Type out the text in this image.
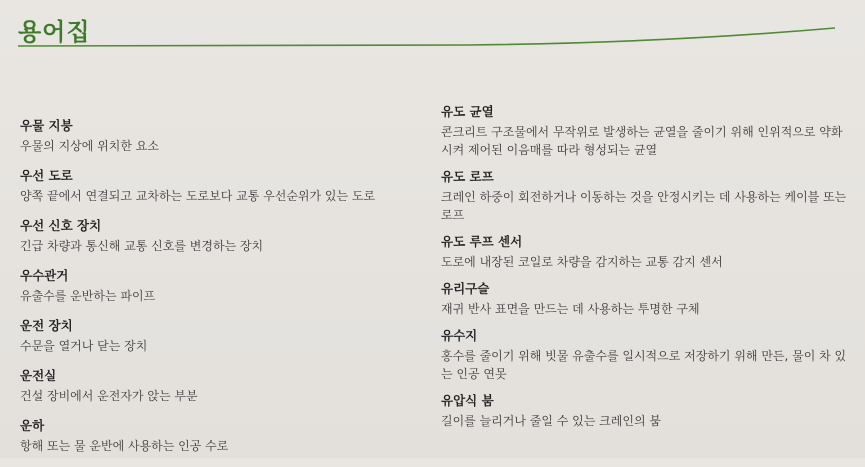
용어집
우물 지붕
우물의 지상에 위치한 요소
우선 도로
양쪽 끝에서 연결되고 교차하는 도로보다 교통 우선순위가 있는 도로
우선 신호 장치
긴급 차량과 통신해 교통 신호를 변경하는 장치
우수관거
유출수를 운반하는 파이프
운전 장치
수문을 열거나 닫는 장치
운전실
건설 장비에서 운전자가 앉는 부분
운하
항해 또는 물 운반에 사용하는 인공 수로
유도 균열
콘크리트 구조물에서 무작위로 발생하는 균열을 줄이기 위해 인위적으로 약화시켜 제어된 이음매를 따라 형성되는 균열
유도 로프
크레인 하중이 회전하거나 이동하는 것을 안정시키는 데 사용하는 케이블 또는 로프
유도 루프 센서
도로에 내장된 코일로 차량을 감지하는 교통 감지 센서
유리구슬
재귀 반사 표면을 만드는 데 사용하는 투명한 구체
유수지
홍수를 줄이기 위해 빗물 유출수를 일시적으로 저장하기 위해 만든, 물이 차 있는 인공 연못
유압식 붐
길이를 늘리거나 줄일 수 있는 크레인의 붐
